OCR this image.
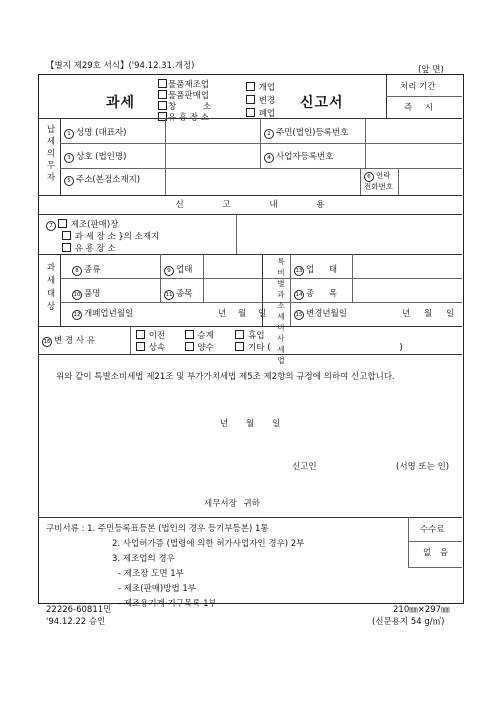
【별지 제29호 서식】('94.12.31.개정)	(앞 면)
과세
물품제조업
물품판매업
창 소
유 흥 장 소
개업
변경
폐업
신고서
처리 기간
즉 시
납세의무자
1 성명 (대표자)	2 주민(법인)등록번호
3 상호 (법인명)	4 사업자등록번호
5 주소(본점소재지)	6 연락
전화번호
신 고 내 용
7 제조(판매)장
과 세 장 소 }의 소재지
유 흥 장 소
과세대상
8 종류	9 업태
10 품명	11 종목
12 개폐업년월일	년 월 일
특비별과소세비사세업
13 업 태
14 종 목
15 변경년월일	년 월 일
16 변 경 사 유	이전	승계	휴업
상속	양수	기타 (	)
위와 같이 특별소비세법 제21조 및 부가가치세법 제5조 제2항의 규정에 의하여 신고합니다.
년 월 일
신고인	(서명 또는 인)
세무서장 귀하
구비서류 : 1. 주민등록표등본 (법인의 경우 등기부등본) 1통
2. 사업허가증 (법령에 의한 허가사업자인 경우) 2부
3. 제조업의 경우
- 제조장 도면 1부
- 제조(판매)방법 1부
- 제조용기계·기구목록 1부
수수료
없 음
22226-60811민
'94.12.22 승인
210㎜×297㎜
(신문용지 54 g/㎡)
